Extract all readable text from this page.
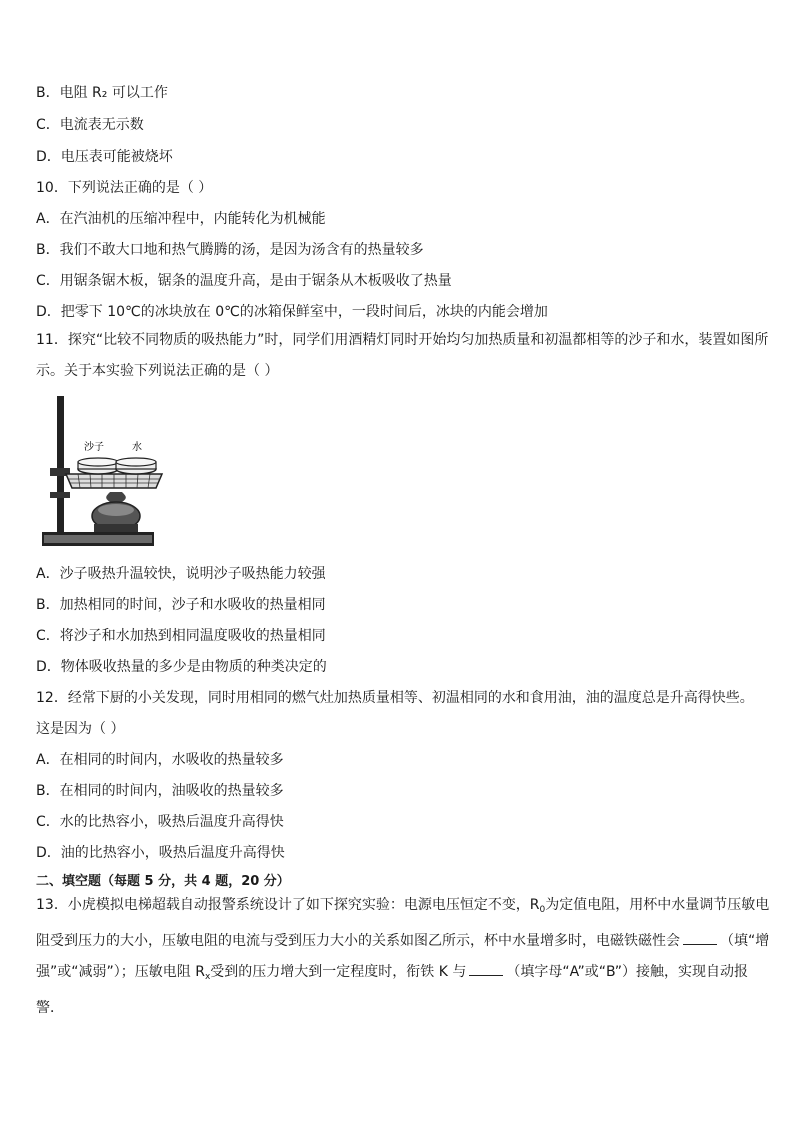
B．电阻 R₂ 可以工作
C．电流表无示数
D．电压表可能被烧坏
10．下列说法正确的是（ ）
A．在汽油机的压缩冲程中，内能转化为机械能
B．我们不敢大口地和热气腾腾的汤，是因为汤含有的热量较多
C．用锯条锯木板，锯条的温度升高，是由于锯条从木板吸收了热量
D．把零下 10℃的冰块放在 0℃的冰箱保鲜室中，一段时间后，冰块的内能会增加
11．探究“比较不同物质的吸热能力”时，同学们用酒精灯同时开始均匀加热质量和初温都相等的沙子和水，装置如图所示。关于本实验下列说法正确的是（ ）
沙子	水
A．沙子吸热升温较快，说明沙子吸热能力较强
B．加热相同的时间，沙子和水吸收的热量相同
C．将沙子和水加热到相同温度吸收的热量相同
D．物体吸收热量的多少是由物质的种类决定的
12．经常下厨的小关发现，同时用相同的燃气灶加热质量相等、初温相同的水和食用油，油的温度总是升高得快些。
这是因为（ ）
A．在相同的时间内，水吸收的热量较多
B．在相同的时间内，油吸收的热量较多
C．水的比热容小，吸热后温度升高得快
D．油的比热容小，吸热后温度升高得快
二、填空题（每题 5 分，共 4 题，20 分）
13．小虎模拟电梯超载自动报警系统设计了如下探究实验：电源电压恒定不变，$R_0$为定值电阻，用杯中水量调节压敏电阻受到压力的大小，压敏电阻的电流与受到压力大小的关系如图乙所示，杯中水量增多时，电磁铁磁性会	（填“增强”或“减弱”）；压敏电阻 $R_x$受到的压力增大到一定程度时，衔铁 K 与	（填字母“A”或“B”）接触，实现自动报警．
